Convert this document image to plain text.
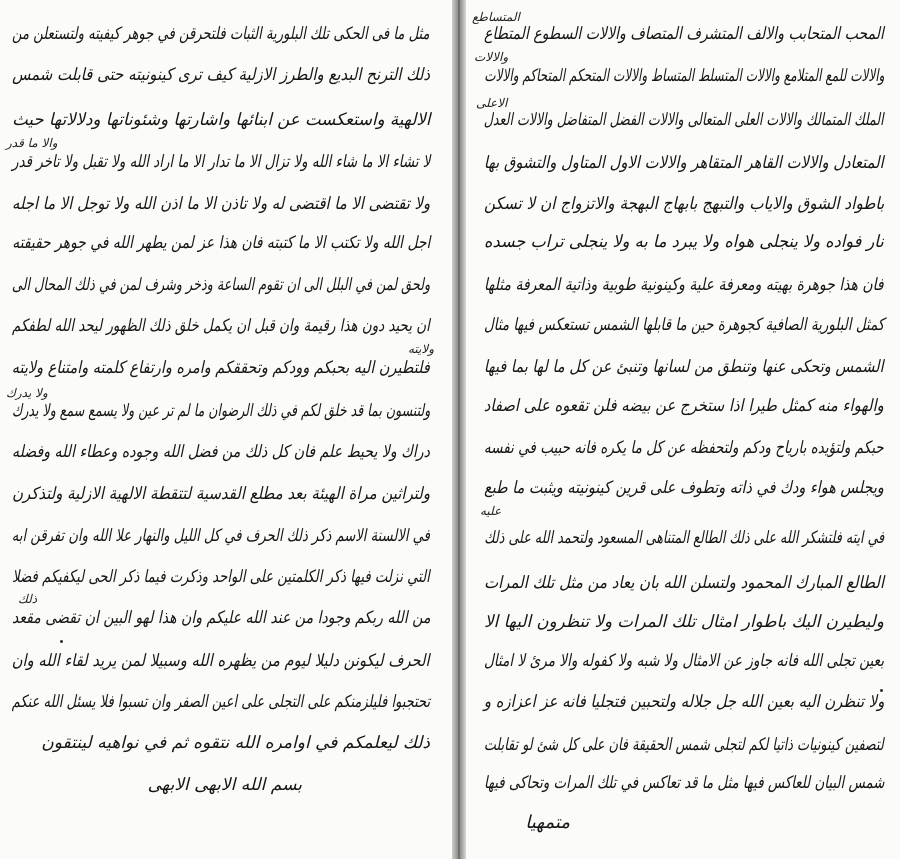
المحب المتحابب والالف المتشرف المتصاف والالات السطوع المتطاع
والالات للمع المتلامع والالات المتسلط المتساط والالات المتحكم المتحاكم والالات
الملك المتمالك والالات العلى المتعالى والالات الفضل المتفاضل والالات العدل
المتعادل والالات القاهر المتقاهر والالات الاول المتاول والتشوق بها
باطواد الشوق والاياب والتبهج بابهاج البهجة والاتزواج ان لا تسكن
نار فواده ولا ينجلى هواه ولا يبرد ما به ولا ينجلى تراب جسده
فان هذا جوهرة بهيته ومعرفة علية وكينونية طوبية وذاتية المعرفة مثلها
كمثل البلورية الصافية كجوهرة حين ما قابلها الشمس تستعكس فيها مثال
الشمس وتحكى عنها وتنطق من لسانها وتنبئ عن كل ما لها بما فيها
والهواء منه كمثل طيرا اذا ستخرج عن بيضه فلن تقعوه على اصفاد
حبكم ولتؤيده بارياح ودكم ولتحفظه عن كل ما يكره فانه حبيب في نفسه
ويجلس هواء ودك في ذاته وتطوف على قرين كينونيته ويثبت ما طبع
في ايته فلتشكر الله على ذلك الطالع المتناهى المسعود ولتحمد الله على ذلك
الطالع المبارك المحمود ولتسلن الله بان يعاد من مثل تلك المرات
وليطيرن اليك باطوار امثال تلك المرات ولا تنظرون اليها الا
بعين تجلى الله فانه جاوز عن الامثال ولا شبه ولا كفوله والا مرئ لا امثال
ولا تنظرن اليه بعين الله جل جلاله ولتحبين فتجليا فانه عز اعزازه و
لتصفين كينونيات ذاتيا لكم لتجلى شمس الحقيقة فان على كل شئ لو تقابلت
شمس البيان للعاكس فيها مثل ما قد تعاكس في تلك المرات وتحاكى فيها
المتساطع
والالات
الاعلى
عليه
متمهيا
مثل ما فى الحكى تلك البلورية الثبات فلتحرقن في جوهر كيفيته ولتستعلن من
ذلك الترنح البديع والطرز الازلية كيف ترى كينونيته حتى قابلت شمس
الالهية واستعكست عن ابنائها واشارتها وشئوناتها ودلالاتها حيث
لا تشاء الا ما شاء الله ولا تزال الا ما تدار الا ما اراد الله ولا تقبل ولا تاخر قدر
ولا تقتضى الا ما اقتضى له ولا تاذن الا ما اذن الله ولا توجل الا ما اجله
اجل الله ولا تكتب الا ما كتبته فان هذا عز لمن يطهر الله في جوهر حقيقته
ولحق لمن في البلل الى ان تقوم الساعة وذخر وشرف لمن في ذلك المحال الى
ان يحيد دون هذا رقيمة وان قبل ان يكمل خلق ذلك الظهور ليحد الله لطفكم
فلتطيرن اليه بحبكم وودكم وتحققكم وامره وارتفاع كلمته وامتناع ولايته
ولتنسون بما قد خلق لكم في ذلك الرضوان ما لم تر عين ولا يسمع سمع ولا يدرك
دراك ولا يحيط علم فان كل ذلك من فضل الله وجوده وعطاء الله وفضله
ولتراثين مراة الهيئة بعد مطلع القدسية لتتقطة الالهية الازلية ولتذكرن
في الالسنة الاسم ذكر ذلك الحرف في كل الليل والنهار علا الله وان تفرقن ابه
التي نزلت فيها ذكر الكلمتين على الواحد وذكرت فيما ذكر الحى ليكفيكم فضلا
من الله ربكم وجودا من عند الله عليكم وان هذا لهو البين ان تقضى مقعد
الحرف ليكونن دليلا ليوم من يظهره الله وسبيلا لمن يريد لقاء الله وان
تحتجبوا فليلزمنكم على التجلى على اعين الصفر وان تسبوا فلا يسئل الله عنكم
ذلك ليعلمكم في اوامره الله نتقوه ثم في نواهيه لينتقون
بسم الله الابهى الابهى
والا ما قدر
ولايته
ولا يدرك
ذلك
